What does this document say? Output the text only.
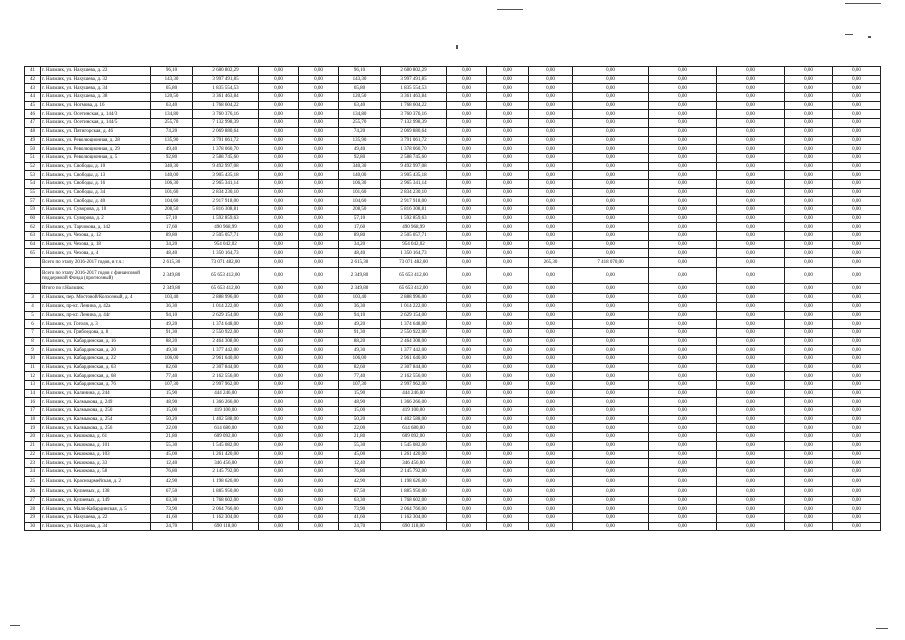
41	г. Нальчик, ул. Нахушева, д. 22	96,10	2 680 802,29	0,00	0,00	96,10	2 680 802,29	0,00	0,00	0,00	0,00	0,00	0,00	0,00	0,00
42	г. Нальчик, ул. Нахушева, д. 32	143,30	3 997 491,85	0,00	0,00	143,30	3 997 491,85	0,00	0,00	0,00	0,00	0,00	0,00	0,00	0,00
43	г. Нальчик, ул. Нахушева, д. 34	65,80	1 835 554,53	0,00	0,00	65,80	1 835 554,53	0,00	0,00	0,00	0,00	0,00	0,00	0,00	0,00
44	г. Нальчик, ул. Нахушева, д. 38	120,50	3 361 463,84	0,00	0,00	120,50	3 361 463,84	0,00	0,00	0,00	0,00	0,00	0,00	0,00	0,00
45	г. Нальчик, ул. Ногмова, д. 16	63,40	1 768 604,22	0,00	0,00	63,40	1 768 604,22	0,00	0,00	0,00	0,00	0,00	0,00	0,00	0,00
46	г. Нальчик, ул. Осетинская, д. 144/3	134,80	3 760 376,16	0,00	0,00	134,80	3 760 376,16	0,00	0,00	0,00	0,00	0,00	0,00	0,00	0,00
47	г. Нальчик, ул. Осетинская, д. 144/5	255,70	7 132 998,39	0,00	0,00	255,70	7 132 998,39	0,00	0,00	0,00	0,00	0,00	0,00	0,00	0,00
48	г. Нальчик, ул. Пятигорская, д. 46	74,20	2 069 880,64	0,00	0,00	74,20	2 069 880,64	0,00	0,00	0,00	0,00	0,00	0,00	0,00	0,00
49	г. Нальчик, ул. Революционная, д. 28	135,90	3 791 061,72	0,00	0,00	135,90	3 791 061,72	0,00	0,00	0,00	0,00	0,00	0,00	0,00	0,00
50	г. Нальчик, ул. Революционная, д. 29	49,40	1 378 060,70	0,00	0,00	49,40	1 378 060,70	0,00	0,00	0,00	0,00	0,00	0,00	0,00	0,00
51	г. Нальчик, ул. Революционная, д. 5	92,80	2 588 745,60	0,00	0,00	92,80	2 588 745,60	0,00	0,00	0,00	0,00	0,00	0,00	0,00	0,00
52	г. Нальчик, ул. Свободы, д. 10	340,30	9 492 997,08	0,00	0,00	340,30	9 492 997,08	0,00	0,00	0,00	0,00	0,00	0,00	0,00	0,00
53	г. Нальчик, ул. Свободы, д. 13	140,00	3 905 435,18	0,00	0,00	140,00	3 905 435,18	0,00	0,00	0,00	0,00	0,00	0,00	0,00	0,00
54	г. Нальчик, ул. Свободы, д. 16	106,30	2 965 341,14	0,00	0,00	106,30	2 965 341,14	0,00	0,00	0,00	0,00	0,00	0,00	0,00	0,00
55	г. Нальчик, ул. Свободы, д. 34	101,60	2 834 230,10	0,00	0,00	101,60	2 834 230,10	0,00	0,00	0,00	0,00	0,00	0,00	0,00	0,00
57	г. Нальчик, ул. Свободы, д. 40	104,60	2 917 918,00	0,00	0,00	104,60	2 917 918,00	0,00	0,00	0,00	0,00	0,00	0,00	0,00	0,00
59	г. Нальчик, ул. Суворова, д. 10	208,50	5 816 308,81	0,00	0,00	208,50	5 816 308,81	0,00	0,00	0,00	0,00	0,00	0,00	0,00	0,00
60	г. Нальчик, ул. Суворова, д. 2	57,10	1 592 859,63	0,00	0,00	57,10	1 592 859,63	0,00	0,00	0,00	0,00	0,00	0,00	0,00	0,00
62	г. Нальчик, ул. Тарчокова, д. 142	17,60	490 968,99	0,00	0,00	17,60	490 968,99	0,00	0,00	0,00	0,00	0,00	0,00	0,00	0,00
63	г. Нальчик, ул. Чехова, д. 12	89,80	2 505 057,71	0,00	0,00	89,80	2 505 057,71	0,00	0,00	0,00	0,00	0,00	0,00	0,00	0,00
64	г. Нальчик, ул. Чехова, д. 18	34,20	954 042,02	0,00	0,00	34,20	954 042,02	0,00	0,00	0,00	0,00	0,00	0,00	0,00	0,00
65	г. Нальчик, ул. Чехова, д. 4	48,40	1 350 164,73	0,00	0,00	48,40	1 350 164,73	0,00	0,00	0,00	0,00	0,00	0,00	0,00	0,00
	Всего по этапу 2016-2017 годов, в т.ч.:	2 615,30	73 071 482,00	0,00	0,00	2 615,30	73 071 482,00	0,00	0,00	265,30	7 418 070,00	0,00	0,00	0,00	0,00
	Всего по этапу 2016-2017 годов с финансовой поддержкой Фонда (прогнозный)	2 349,80	65 653 412,00	0,00	0,00	2 349,80	65 653 412,00	0,00	0,00	0,00	0,00	0,00	0,00	0,00	0,00
	Итого по г.Нальчик:	2 349,80	65 653 412,00	0,00	0,00	2 349,80	65 653 412,00	0,00	0,00	0,00	0,00	0,00	0,00	0,00	0,00
3	г. Нальчик, пер. Мостовой/Колхозный, д. 4	103,40	2 888 996,00	0,00	0,00	103,40	2 888 996,00	0,00	0,00	0,00	0,00	0,00	0,00	0,00	0,00
4	г. Нальчик, пр-кт. Ленина, д. 42а	36,30	1 014 222,00	0,00	0,00	36,30	1 014 222,00	0,00	0,00	0,00	0,00	0,00	0,00	0,00	0,00
5	г. Нальчик, пр-кт. Ленина, д. 44г	94,10	2 629 154,00	0,00	0,00	94,10	2 629 154,00	0,00	0,00	0,00	0,00	0,00	0,00	0,00	0,00
6	г. Нальчик, ул. Гоголя, д. 3	49,20	1 374 648,00	0,00	0,00	49,20	1 374 648,00	0,00	0,00	0,00	0,00	0,00	0,00	0,00	0,00
7	г. Нальчик, ул. Грибоедова, д. 8	91,30	2 550 922,00	0,00	0,00	91,30	2 550 922,00	0,00	0,00	0,00	0,00	0,00	0,00	0,00	0,00
8	г. Нальчик, ул. Кабардинская, д. 16	88,20	2 464 308,00	0,00	0,00	88,20	2 464 308,00	0,00	0,00	0,00	0,00	0,00	0,00	0,00	0,00
9	г. Нальчик, ул. Кабардинская, д. 20	49,30	1 377 442,00	0,00	0,00	49,30	1 377 442,00	0,00	0,00	0,00	0,00	0,00	0,00	0,00	0,00
10	г. Нальчик, ул. Кабардинская, д. 22	106,00	2 961 640,00	0,00	0,00	106,00	2 961 640,00	0,00	0,00	0,00	0,00	0,00	0,00	0,00	0,00
11	г. Нальчик, ул. Кабардинская, д. 63	82,60	2 307 844,00	0,00	0,00	82,60	2 307 844,00	0,00	0,00	0,00	0,00	0,00	0,00	0,00	0,00
12	г. Нальчик, ул. Кабардинская, д. 68	77,40	2 162 556,00	0,00	0,00	77,40	2 162 556,00	0,00	0,00	0,00	0,00	0,00	0,00	0,00	0,00
13	г. Нальчик, ул. Кабардинская, д. 76	107,30	2 997 962,00	0,00	0,00	107,30	2 997 962,00	0,00	0,00	0,00	0,00	0,00	0,00	0,00	0,00
14	г. Нальчик, ул. Калинина, д. 244	15,90	444 246,00	0,00	0,00	15,90	444 246,00	0,00	0,00	0,00	0,00	0,00	0,00	0,00	0,00
16	г. Нальчик, ул. Калмыкова, д. 249	48,90	1 366 266,00	0,00	0,00	48,90	1 366 266,00	0,00	0,00	0,00	0,00	0,00	0,00	0,00	0,00
17	г. Нальчик, ул. Калмыкова, д. 250	15,00	419 100,00	0,00	0,00	15,00	419 100,00	0,00	0,00	0,00	0,00	0,00	0,00	0,00	0,00
18	г. Нальчик, ул. Калмыкова, д. 254	50,20	1 402 588,00	0,00	0,00	50,20	1 402 588,00	0,00	0,00	0,00	0,00	0,00	0,00	0,00	0,00
19	г. Нальчик, ул. Калмыкова, д. 256	22,00	614 680,00	0,00	0,00	22,00	614 680,00	0,00	0,00	0,00	0,00	0,00	0,00	0,00	0,00
20	г. Нальчик, ул. Кешокова, д. 61	21,80	609 092,00	0,00	0,00	21,80	609 092,00	0,00	0,00	0,00	0,00	0,00	0,00	0,00	0,00
21	г. Нальчик, ул. Кешокова, д. 101	55,30	1 545 082,00	0,00	0,00	55,30	1 545 082,00	0,00	0,00	0,00	0,00	0,00	0,00	0,00	0,00
22	г. Нальчик, ул. Кешокова, д. 103	45,00	1 261 420,00	0,00	0,00	45,00	1 261 420,00	0,00	0,00	0,00	0,00	0,00	0,00	0,00	0,00
23	г. Нальчик, ул. Кешокова, д. 33	12,40	346 456,00	0,00	0,00	12,40	346 456,00	0,00	0,00	0,00	0,00	0,00	0,00	0,00	0,00
24	г. Нальчик, ул. Кешокова, д. 58	76,80	2 145 792,00	0,00	0,00	76,80	2 145 792,00	0,00	0,00	0,00	0,00	0,00	0,00	0,00	0,00
25	г. Нальчик, ул. Красноармейская, д. 2	42,90	1 198 626,00	0,00	0,00	42,90	1 198 626,00	0,00	0,00	0,00	0,00	0,00	0,00	0,00	0,00
26	г. Нальчик, ул. Кулиевых, д. 138	67,50	1 885 950,00	0,00	0,00	67,50	1 885 950,00	0,00	0,00	0,00	0,00	0,00	0,00	0,00	0,00
27	г. Нальчик, ул. Кулиевых, д. 149	63,30	1 768 602,00	0,00	0,00	63,30	1 768 602,00	0,00	0,00	0,00	0,00	0,00	0,00	0,00	0,00
28	г. Нальчик, ул. Мало-Кабардинская, д. 5	73,90	2 064 766,00	0,00	0,00	73,90	2 064 766,00	0,00	0,00	0,00	0,00	0,00	0,00	0,00	0,00
29	г. Нальчик, ул. Нахушева, д. 22	41,60	1 162 304,00	0,00	0,00	41,60	1 162 304,00	0,00	0,00	0,00	0,00	0,00	0,00	0,00	0,00
30	г. Нальчик, ул. Нахушева, д. 34	24,70	690 118,00	0,00	0,00	24,70	690 118,00	0,00	0,00	0,00	0,00	0,00	0,00	0,00	0,00
